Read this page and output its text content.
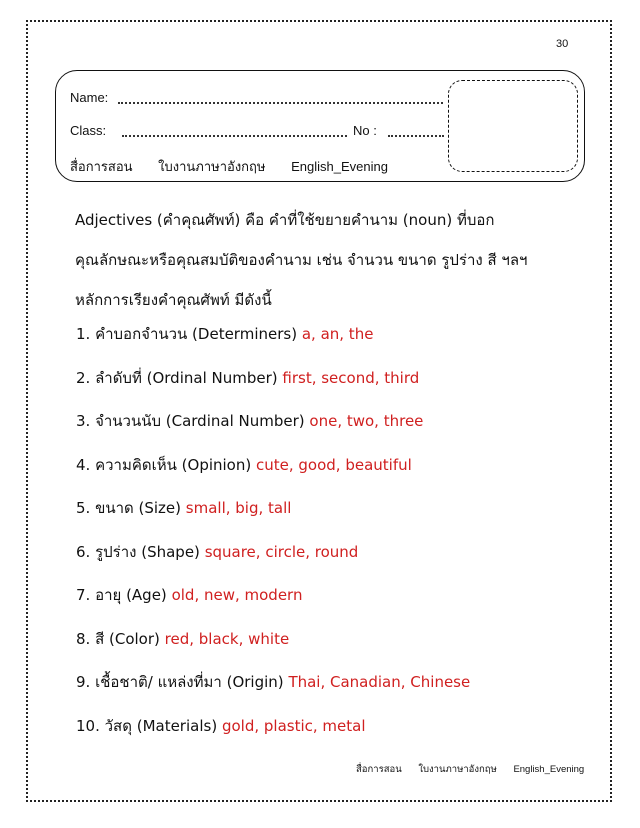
30
Name:
Class:	No :
สื่อการสอน ใบงานภาษาอังกฤษ English_Evening
Adjectives (คำคุณศัพท์) คือ คำที่ใช้ขยายคำนาม (noun) ที่บอก
คุณลักษณะหรือคุณสมบัติของคำนาม เช่น จำนวน ขนาด รูปร่าง สี ฯลฯ
หลักการเรียงคำคุณศัพท์ มีดังนี้
1. คำบอกจำนวน (Determiners) a, an, the
2. ลำดับที่ (Ordinal Number) first, second, third
3. จำนวนนับ (Cardinal Number) one, two, three
4. ความคิดเห็น (Opinion) cute, good, beautiful
5. ขนาด (Size) small, big, tall
6. รูปร่าง (Shape) square, circle, round
7. อายุ (Age) old, new, modern
8. สี (Color) red, black, white
9. เชื้อชาติ/ แหล่งที่มา (Origin) Thai, Canadian, Chinese
10. วัสดุ (Materials) gold, plastic, metal
สื่อการสอน ใบงานภาษาอังกฤษ English_Evening
